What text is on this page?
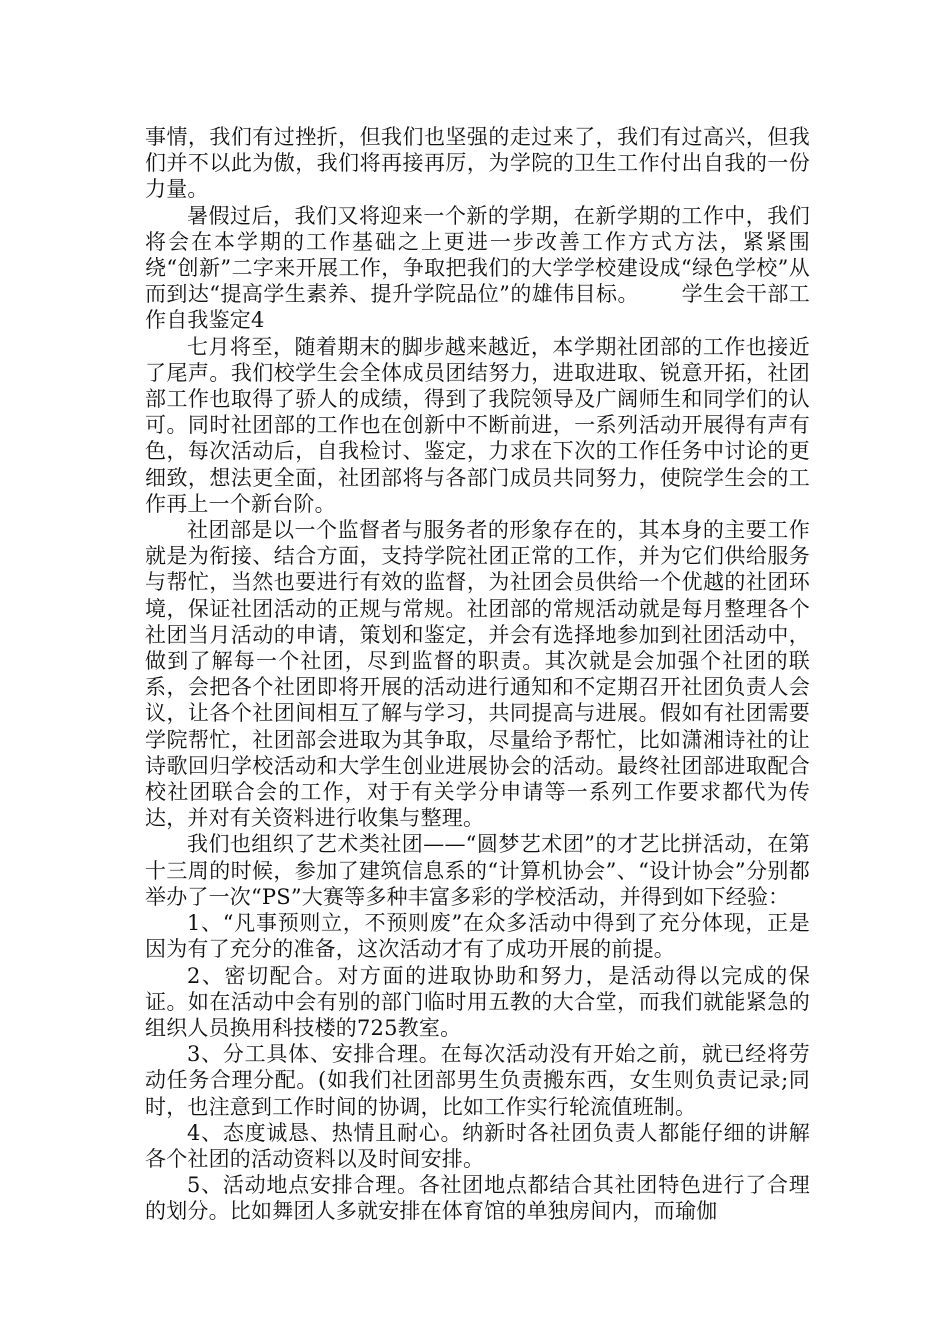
事情，我们有过挫折，但我们也坚强的走过来了，我们有过高兴，但我们并不以此为傲，我们将再接再厉，为学院的卫生工作付出自我的一份力量。

暑假过后，我们又将迎来一个新的学期，在新学期的工作中，我们将会在本学期的工作基础之上更进一步改善工作方式方法，紧紧围绕“创新”二字来开展工作，争取把我们的大学学校建设成“绿色学校”从而到达“提高学生素养、提升学院品位”的雄伟目标。 学生会干部工作自我鉴定4

七月将至，随着期末的脚步越来越近，本学期社团部的工作也接近了尾声。我们校学生会全体成员团结努力，进取进取、锐意开拓，社团部工作也取得了骄人的成绩，得到了我院领导及广阔师生和同学们的认可。同时社团部的工作也在创新中不断前进，一系列活动开展得有声有色，每次活动后，自我检讨、鉴定，力求在下次的工作任务中讨论的更细致，想法更全面，社团部将与各部门成员共同努力，使院学生会的工作再上一个新台阶。

社团部是以一个监督者与服务者的形象存在的，其本身的主要工作就是为衔接、结合方面，支持学院社团正常的工作，并为它们供给服务与帮忙，当然也要进行有效的监督，为社团会员供给一个优越的社团环境，保证社团活动的正规与常规。社团部的常规活动就是每月整理各个社团当月活动的申请，策划和鉴定，并会有选择地参加到社团活动中，做到了解每一个社团，尽到监督的职责。其次就是会加强个社团的联系，会把各个社团即将开展的活动进行通知和不定期召开社团负责人会议，让各个社团间相互了解与学习，共同提高与进展。假如有社团需要学院帮忙，社团部会进取为其争取，尽量给予帮忙，比如潇湘诗社的让诗歌回归学校活动和大学生创业进展协会的活动。最终社团部进取配合校社团联合会的工作，对于有关学分申请等一系列工作要求都代为传达，并对有关资料进行收集与整理。

我们也组织了艺术类社团——“圆梦艺术团”的才艺比拼活动，在第十三周的时候，参加了建筑信息系的“计算机协会”、“设计协会”分别都举办了一次“PS”大赛等多种丰富多彩的学校活动，并得到如下经验：

1、“凡事预则立，不预则废”在众多活动中得到了充分体现，正是因为有了充分的准备，这次活动才有了成功开展的前提。

2、密切配合。对方面的进取协助和努力，是活动得以完成的保证。如在活动中会有别的部门临时用五教的大合堂，而我们就能紧急的组织人员换用科技楼的725教室。

3、分工具体、安排合理。在每次活动没有开始之前，就已经将劳动任务合理分配。(如我们社团部男生负责搬东西，女生则负责记录;同时，也注意到工作时间的协调，比如工作实行轮流值班制。

4、态度诚恳、热情且耐心。纳新时各社团负责人都能仔细的讲解各个社团的活动资料以及时间安排。

5、活动地点安排合理。各社团地点都结合其社团特色进行了合理的划分。比如舞团人多就安排在体育馆的单独房间内，而瑜伽
